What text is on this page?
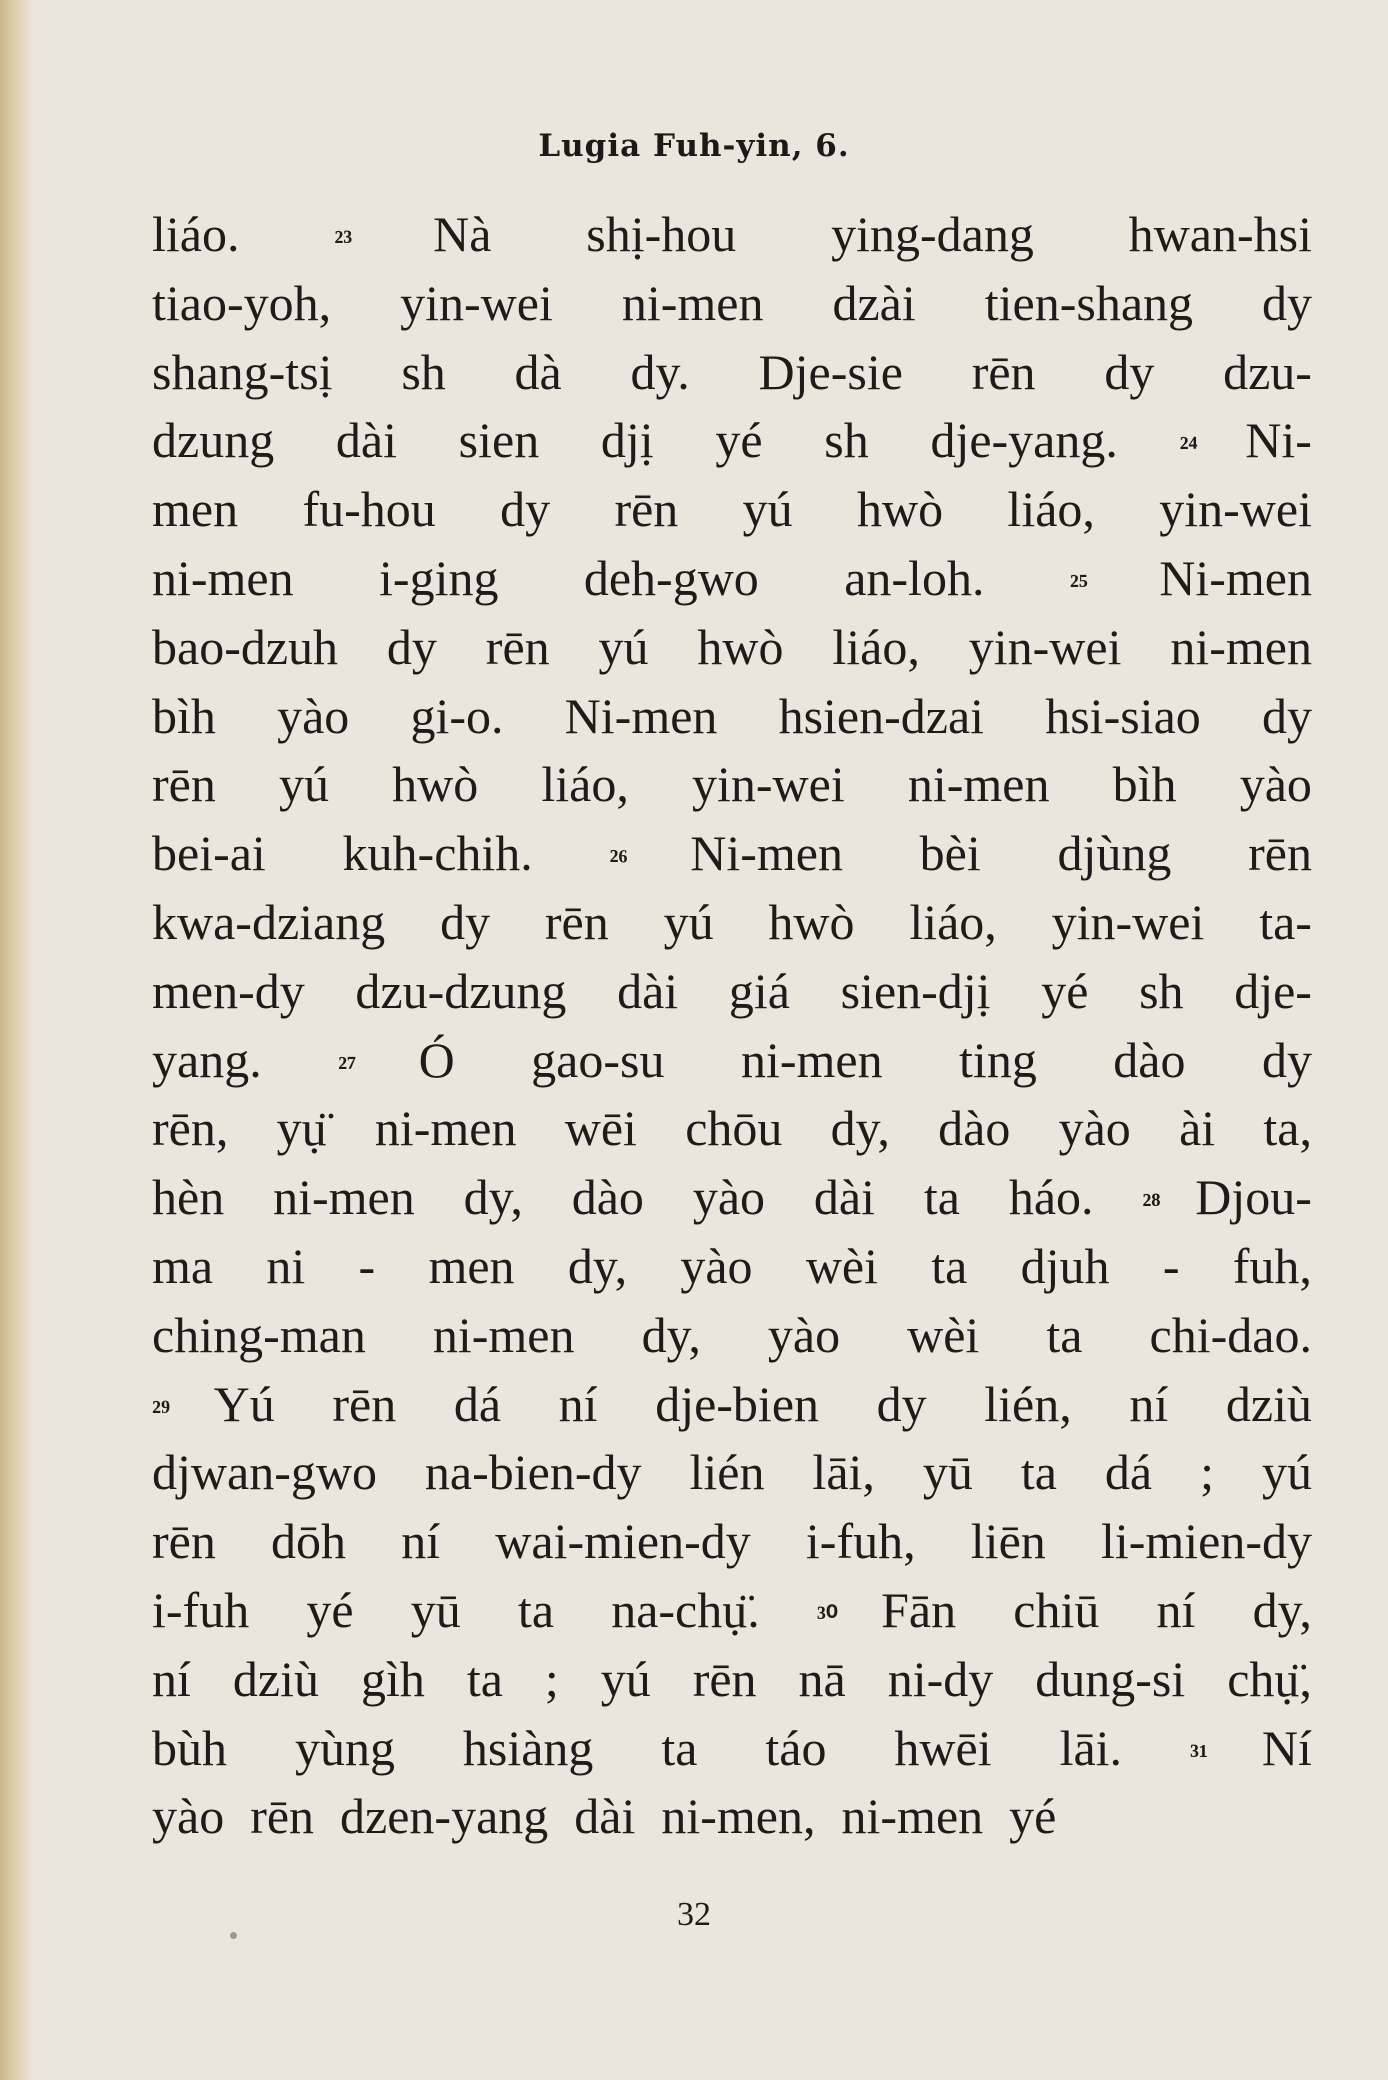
Lugia Fuh-yin, 6.
liáo.	²³ Nà shị-hou ying-dang hwan-hsi
tiao-yoh, yin-wei ni-men dzài tien-shang dy
shang-tsị sh dà dy. Dje-sie rēn dy dzu-
dzung dài sien djị yé sh dje-yang. ²⁴ Ni-
men fu-hou dy rēn yú hwò liáo, yin-wei
ni-men i-ging deh-gwo an-loh.	²⁵ Ni-men
bao-dzuh dy rēn yú hwò liáo, yin-wei ni-men
bìh yào gi-o. Ni-men hsien-dzai hsi-siao dy
rēn yú hwò liáo, yin-wei ni-men bìh yào
bei-ai kuh-chih.	²⁶ Ni-men bèi djùng rēn
kwa-dziang dy rēn yú hwò liáo, yin-wei ta-
men-dy dzu-dzung dài giá sien-djị yé sh dje-
yang.	²⁷ Ó gao-su ni-men ting dào dy
rēn, yụ̈ ni-men wēi chōu dy, dào yào ài ta,
hèn ni-men dy, dào yào dài ta háo. ²⁸ Djou-
ma ni - men dy, yào wèi ta djuh - fuh,
ching-man ni-men dy, yào wèi ta chi-dao.
²⁹ Yú rēn dá ní dje-bien dy lién, ní dziù
djwan-gwo na-bien-dy lién lāi, yū ta dá ; yú
rēn dōh ní wai-mien-dy i-fuh, liēn li-mien-dy
i-fuh yé yū ta na-chụ̈. ³⁰ Fān chiū ní dy,
ní dziù gìh ta ; yú rēn nā ni-dy dung-si chụ̈,
bùh yùng hsiàng ta táo hwēi lāi. ³¹ Ní
yào rēn dzen-yang dài ni-men, ni-men yé
32
